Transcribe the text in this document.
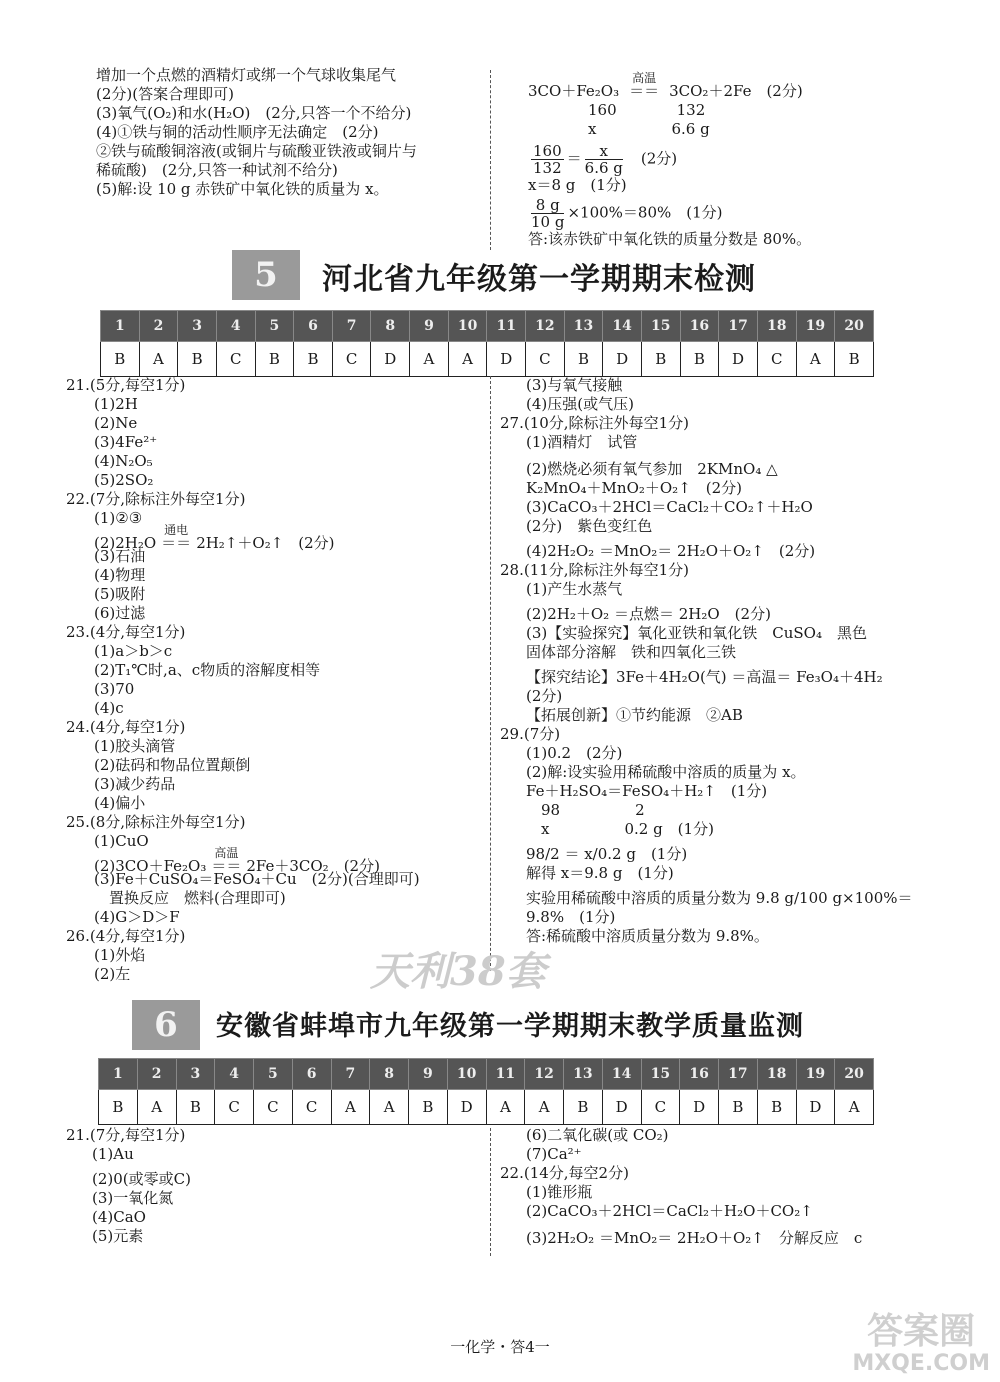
增加一个点燃的酒精灯或绑一个气球收集尾气
(2分)(答案合理即可)
(3)氧气(O₂)和水(H₂O)　(2分,只答一个不给分)
(4)①铁与铜的活动性顺序无法确定　(2分)
②铁与硫酸铜溶液(或铜片与硫酸亚铁液或铜片与
稀硫酸)　(2分,只答一种试剂不给分)
(5)解:设 10 g 赤铁矿中氧化铁的质量为 x。
3CO＋Fe₂O₃
高温
＝＝ 3CO₂＋2Fe　(2分)
160　　　　132
x　　　　　6.6 g
$\frac{160}{132} = \frac{x}{6.6 g}$ 　(2分)
x＝8 g　(1分)
$\frac{8 g}{10 g} \times 100\%=80\%$　(1分)
答:该赤铁矿中氧化铁的质量分数是 80%。
5	河北省九年级第一学期期末检测
1	2	3	4	5	6	7	8	9	10	11	12	13	14	15	16	17	18	19	20
B	A	B	C	B	B	C	D	A	A	D	C	B	D	B	B	D	C	A	B
21.(5分,每空1分)
(1)2H
(2)Ne
(3)4Fe²⁺
(4)N₂O₅
(5)2SO₂
22.(7分,除标注外每空1分)
(1)②③
(2)2H₂O
通电
＝＝ 2H₂↑＋O₂↑　(2分)
(3)石油
(4)物理
(5)吸附
(6)过滤
23.(4分,每空1分)
(1)a＞b＞c
(2)T₁℃时,a、c物质的溶解度相等
(3)70
(4)c
24.(4分,每空1分)
(1)胶头滴管
(2)砝码和物品位置颠倒
(3)减少药品
(4)偏小
25.(8分,除标注外每空1分)
(1)CuO
(2)3CO＋Fe₂O₃
高温
＝＝ 2Fe＋3CO₂　(2分)
(3)Fe＋CuSO₄＝FeSO₄＋Cu　(2分)(合理即可)
　置换反应　燃料(合理即可)
(4)G＞D＞F
26.(4分,每空1分)
(1)外焰
(2)左
(3)与氧气接触
(4)压强(或气压)
27.(10分,除标注外每空1分)
(1)酒精灯　试管
(2)燃烧必须有氧气参加　2KMnO₄ △
K₂MnO₄＋MnO₂＋O₂↑　(2分)
(3)CaCO₃＋2HCl＝CaCl₂＋CO₂↑＋H₂O
(2分)　紫色变红色
(4)2H₂O₂ ＝MnO₂＝ 2H₂O＋O₂↑　(2分)
28.(11分,除标注外每空1分)
(1)产生水蒸气
(2)2H₂＋O₂ ＝点燃＝ 2H₂O　(2分)
(3)【实验探究】氧化亚铁和氧化铁　CuSO₄　黑色
固体部分溶解　铁和四氧化三铁
【探究结论】3Fe＋4H₂O(气) ＝高温＝ Fe₃O₄＋4H₂
(2分)
【拓展创新】①节约能源　②AB
29.(7分)
(1)0.2　(2分)
(2)解:设实验用稀硫酸中溶质的质量为 x。
Fe＋H₂SO₄＝FeSO₄＋H₂↑　(1分)
　98　　　　　2
　x　　　　　0.2 g　(1分)
98/2 ＝ x/0.2 g　(1分)
解得 x＝9.8 g　(1分)
实验用稀硫酸中溶质的质量分数为 9.8 g/100 g×100%＝
9.8%　(1分)
答:稀硫酸中溶质质量分数为 9.8%。
天利38套
6	安徽省蚌埠市九年级第一学期期末教学质量监测
1	2	3	4	5	6	7	8	9	10	11	12	13	14	15	16	17	18	19	20
B	A	B	C	C	C	A	A	B	D	A	A	B	D	C	D	B	B	D	A
21.(7分,每空1分)
(1)Au
(2)0(或零或C)
(3)一氧化氮
(4)CaO
(5)元素
(6)二氧化碳(或 CO₂)
(7)Ca²⁺
22.(14分,每空2分)
(1)锥形瓶
(2)CaCO₃＋2HCl＝CaCl₂＋H₂O＋CO₂↑
(3)2H₂O₂ ＝MnO₂＝ 2H₂O＋O₂↑　分解反应　c
一化学・答4一	答案圈
MXQE.COM
